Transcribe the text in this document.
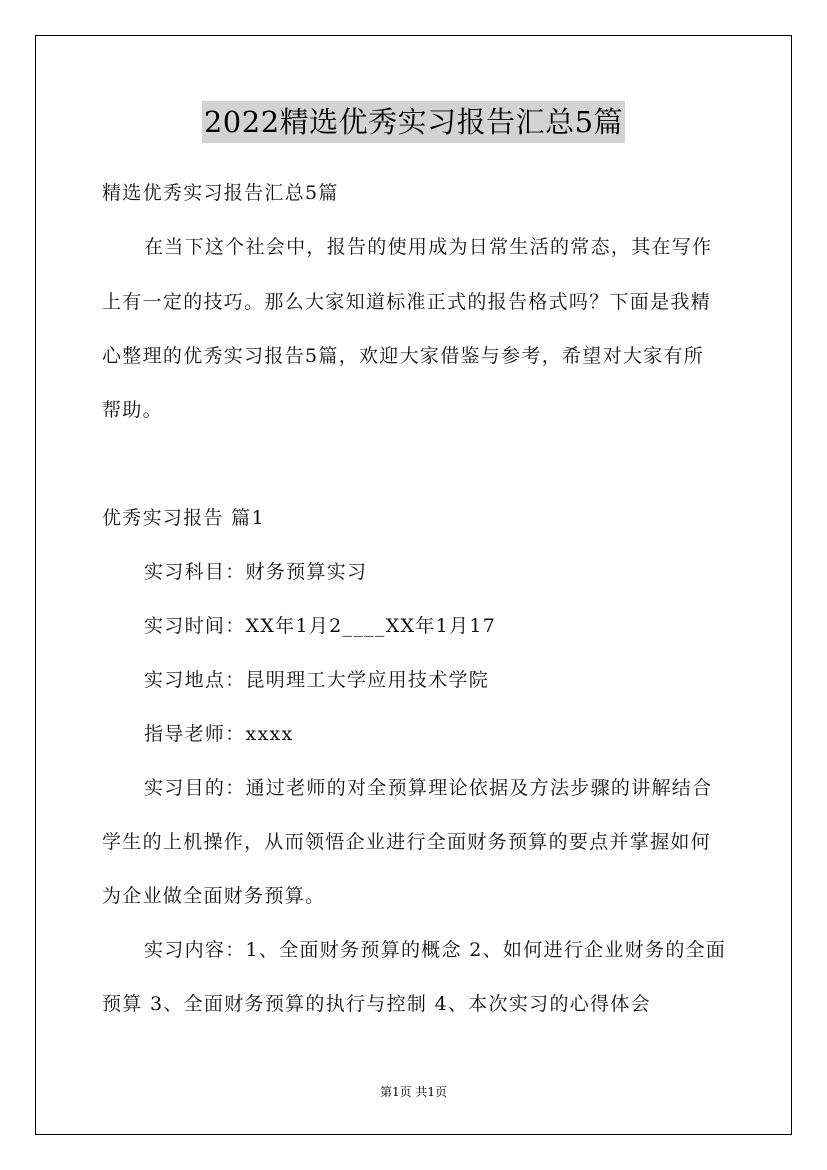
2022精选优秀实习报告汇总5篇
精选优秀实习报告汇总5篇
在当下这个社会中，报告的使用成为日常生活的常态，其在写作
上有一定的技巧。那么大家知道标准正式的报告格式吗？下面是我精
心整理的优秀实习报告5篇，欢迎大家借鉴与参考，希望对大家有所
帮助。
优秀实习报告 篇1
实习科目：财务预算实习
实习时间：XX年1月2____XX年1月17
实习地点：昆明理工大学应用技术学院
指导老师：xxxx
实习目的：通过老师的对全预算理论依据及方法步骤的讲解结合
学生的上机操作，从而领悟企业进行全面财务预算的要点并掌握如何
为企业做全面财务预算。
实习内容：1、全面财务预算的概念 2、如何进行企业财务的全面
预算 3、全面财务预算的执行与控制 4、本次实习的心得体会
第1页 共1页
